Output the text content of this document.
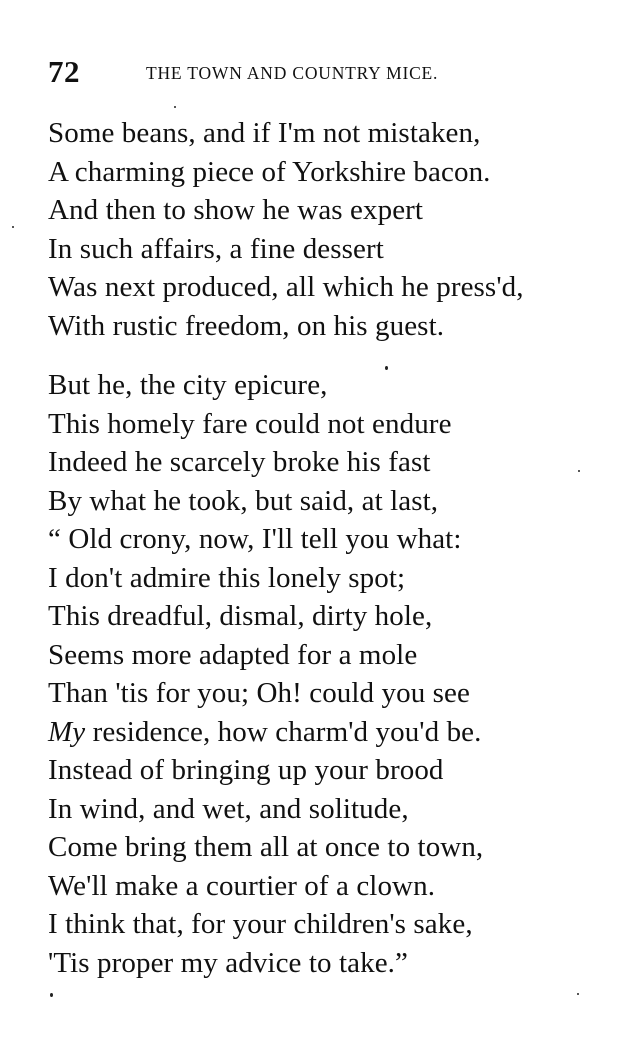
72	THE TOWN AND COUNTRY MICE.
Some beans, and if I'm not mistaken,
A charming piece of Yorkshire bacon.
And then to show he was expert
In such affairs, a fine dessert
Was next produced, all which he press'd,
With rustic freedom, on his guest.
But he, the city epicure,
This homely fare could not endure
Indeed he scarcely broke his fast
By what he took, but said, at last,
“ Old crony, now, I'll tell you what:
I don't admire this lonely spot;
This dreadful, dismal, dirty hole,
Seems more adapted for a mole
Than 'tis for you; Oh! could you see
My residence, how charm'd you'd be.
Instead of bringing up your brood
In wind, and wet, and solitude,
Come bring them all at once to town,
We'll make a courtier of a clown.
I think that, for your children's sake,
'Tis proper my advice to take.”
